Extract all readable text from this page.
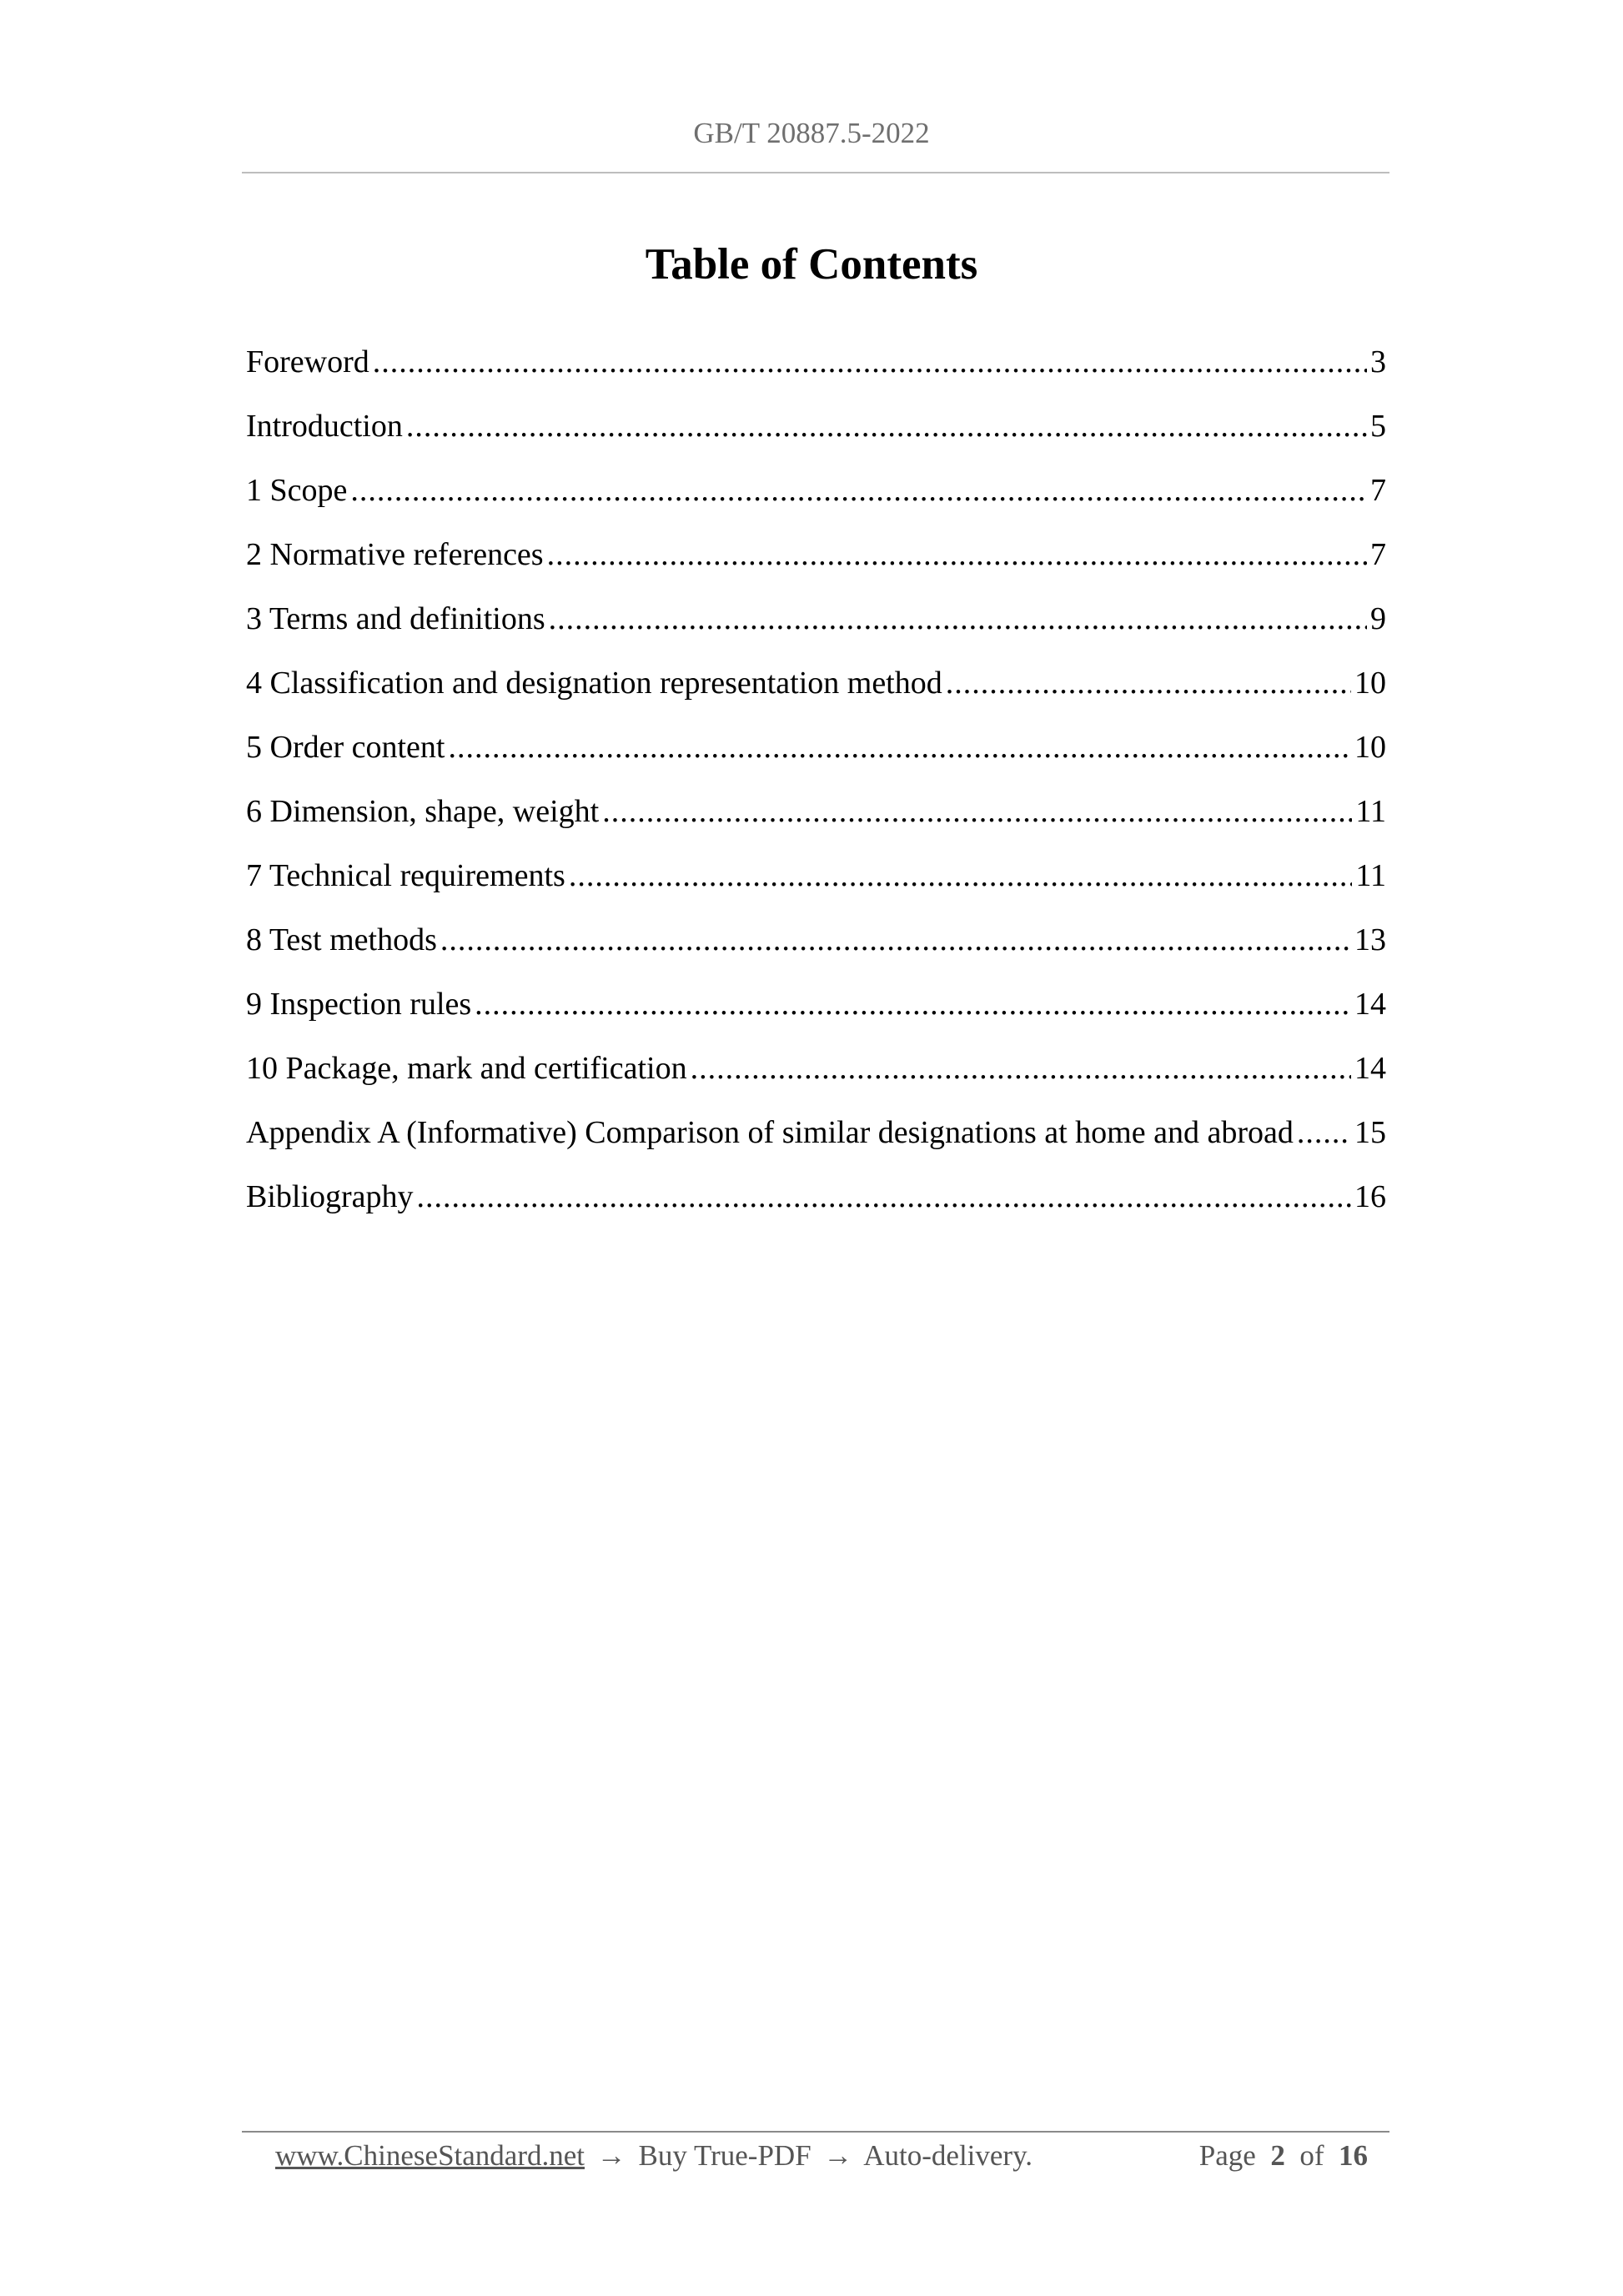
GB/T 20887.5-2022
Table of Contents
Foreword .....	3
Introduction .....	5
1 Scope .....	7
2 Normative references .....	7
3 Terms and definitions .....	9
4 Classification and designation representation method .....	10
5 Order content .....	10
6 Dimension, shape, weight .....	11
7 Technical requirements .....	11
8 Test methods .....	13
9 Inspection rules .....	14
10 Package, mark and certification .....	14
Appendix A (Informative) Comparison of similar designations at home and abroad ..... 15
Bibliography .....	16
www.ChineseStandard.net → Buy True-PDF → Auto-delivery.	Page 2 of 16
